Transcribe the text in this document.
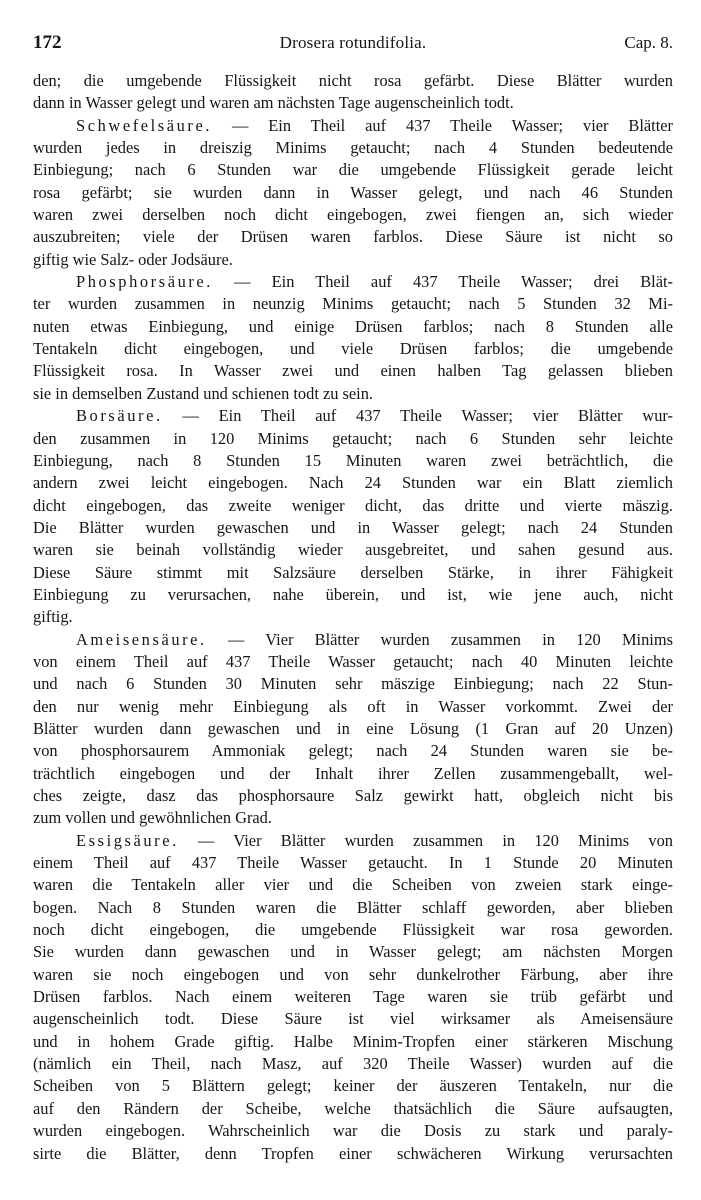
172	Drosera rotundifolia.	Cap. 8.
den; die umgebende Flüssigkeit nicht rosa gefärbt. Diese Blätter wurden
dann in Wasser gelegt und waren am nächsten Tage augenscheinlich todt.
Schwefelsäure. — Ein Theil auf 437 Theile Wasser; vier Blätter
wurden jedes in dreiszig Minims getaucht; nach 4 Stunden bedeutende
Einbiegung; nach 6 Stunden war die umgebende Flüssigkeit gerade leicht
rosa gefärbt; sie wurden dann in Wasser gelegt, und nach 46 Stunden
waren zwei derselben noch dicht eingebogen, zwei fiengen an, sich wieder
auszubreiten; viele der Drüsen waren farblos. Diese Säure ist nicht so
giftig wie Salz- oder Jodsäure.
Phosphorsäure. — Ein Theil auf 437 Theile Wasser; drei Blät-
ter wurden zusammen in neunzig Minims getaucht; nach 5 Stunden 32 Mi-
nuten etwas Einbiegung, und einige Drüsen farblos; nach 8 Stunden alle
Tentakeln dicht eingebogen, und viele Drüsen farblos; die umgebende
Flüssigkeit rosa. In Wasser zwei und einen halben Tag gelassen blieben
sie in demselben Zustand und schienen todt zu sein.
Borsäure. — Ein Theil auf 437 Theile Wasser; vier Blätter wur-
den zusammen in 120 Minims getaucht; nach 6 Stunden sehr leichte
Einbiegung, nach 8 Stunden 15 Minuten waren zwei beträchtlich, die
andern zwei leicht eingebogen. Nach 24 Stunden war ein Blatt ziemlich
dicht eingebogen, das zweite weniger dicht, das dritte und vierte mäszig.
Die Blätter wurden gewaschen und in Wasser gelegt; nach 24 Stunden
waren sie beinah vollständig wieder ausgebreitet, und sahen gesund aus.
Diese Säure stimmt mit Salzsäure derselben Stärke, in ihrer Fähigkeit
Einbiegung zu verursachen, nahe überein, und ist, wie jene auch, nicht
giftig.
Ameisensäure. — Vier Blätter wurden zusammen in 120 Minims
von einem Theil auf 437 Theile Wasser getaucht; nach 40 Minuten leichte
und nach 6 Stunden 30 Minuten sehr mäszige Einbiegung; nach 22 Stun-
den nur wenig mehr Einbiegung als oft in Wasser vorkommt. Zwei der
Blätter wurden dann gewaschen und in eine Lösung (1 Gran auf 20 Unzen)
von phosphorsaurem Ammoniak gelegt; nach 24 Stunden waren sie be-
trächtlich eingebogen und der Inhalt ihrer Zellen zusammengeballt, wel-
ches zeigte, dasz das phosphorsaure Salz gewirkt hatt, obgleich nicht bis
zum vollen und gewöhnlichen Grad.
Essigsäure. — Vier Blätter wurden zusammen in 120 Minims von
einem Theil auf 437 Theile Wasser getaucht. In 1 Stunde 20 Minuten
waren die Tentakeln aller vier und die Scheiben von zweien stark einge-
bogen. Nach 8 Stunden waren die Blätter schlaff geworden, aber blieben
noch dicht eingebogen, die umgebende Flüssigkeit war rosa geworden.
Sie wurden dann gewaschen und in Wasser gelegt; am nächsten Morgen
waren sie noch eingebogen und von sehr dunkelrother Färbung, aber ihre
Drüsen farblos. Nach einem weiteren Tage waren sie trüb gefärbt und
augenscheinlich todt. Diese Säure ist viel wirksamer als Ameisensäure
und in hohem Grade giftig. Halbe Minim-Tropfen einer stärkeren Mischung
(nämlich ein Theil, nach Masz, auf 320 Theile Wasser) wurden auf die
Scheiben von 5 Blättern gelegt; keiner der äuszeren Tentakeln, nur die
auf den Rändern der Scheibe, welche thatsächlich die Säure aufsaugten,
wurden eingebogen. Wahrscheinlich war die Dosis zu stark und paraly-
sirte die Blätter, denn Tropfen einer schwächeren Wirkung verursachten
